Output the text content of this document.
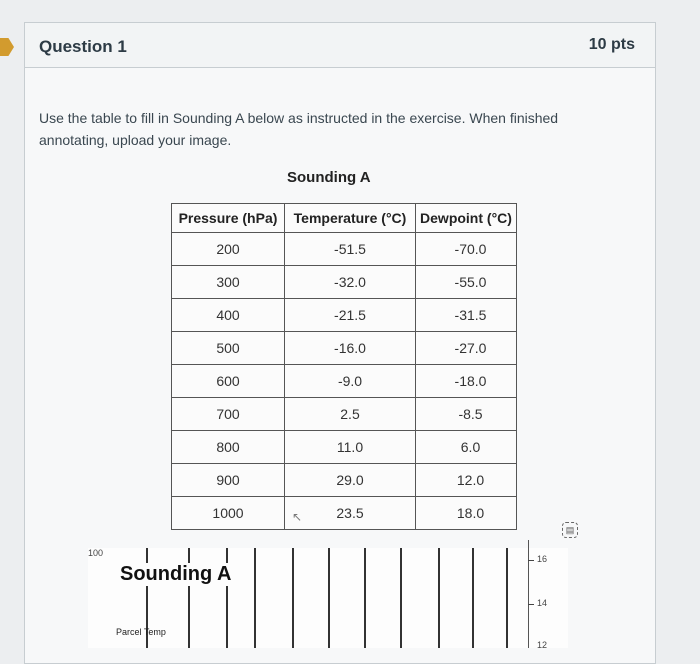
Question 1	10 pts
Use the table to fill in Sounding A below as instructed in the exercise. When finished annotating, upload your image.
Sounding A
Pressure (hPa)	Temperature (°C)	Dewpoint (°C)
200	-51.5	-70.0
300	-32.0	-55.0
400	-21.5	-31.5
500	-16.0	-27.0
600	-9.0	-18.0
700	2.5	-8.5
800	11.0	6.0
900	29.0	12.0
1000	23.5	18.0
↖
▤
16
14
12
100
Sounding A
Parcel Temp
